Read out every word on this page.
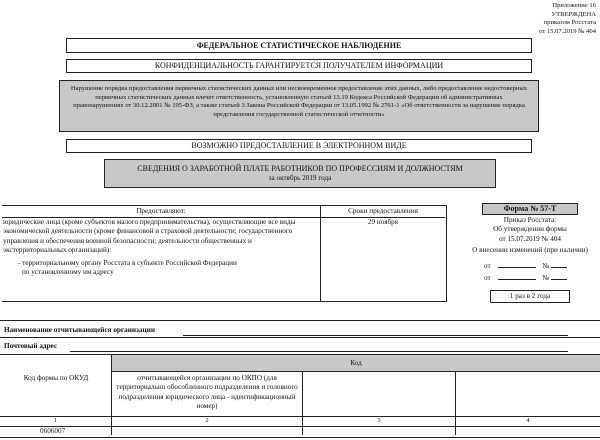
Приложение 16
УТВЕРЖДЕНА
приказом Росстата
от 15.07.2019 № 404
ФЕДЕРАЛЬНОЕ СТАТИСТИЧЕСКОЕ НАБЛЮДЕНИЕ
КОНФИДЕНЦИАЛЬНОСТЬ ГАРАНТИРУЕТСЯ ПОЛУЧАТЕЛЕМ ИНФОРМАЦИИ
Нарушение порядка предоставления первичных статистических данных или несвоевременное предоставление этих данных, либо предоставление недостоверных первичных статистических данных влечет ответственность, установленную статьей 13.19 Кодекса Российской Федерации об административных правонарушениях от 30.12.2001 № 195-ФЗ, а также статьей 3 Закона Российской Федерации от 13.05.1992 № 2761-1 «Об ответственности за нарушение порядка представления государственной статистической отчетности»
ВОЗМОЖНО ПРЕДОСТАВЛЕНИЕ В ЭЛЕКТРОННОМ ВИДЕ
СВЕДЕНИЯ О ЗАРАБОТНОЙ ПЛАТЕ РАБОТНИКОВ ПО ПРОФЕССИЯМ И ДОЛЖНОСТЯМ
за октябрь 2019 года
Предоставляют:	Сроки предоставления
юридические лица (кроме субъектов малого предпринимательства), осуществляющие все виды экономической деятельности (кроме финансовой и страховой деятельности; государственного управления и обеспечения военной безопасности; деятельности общественных и экстерриториальных организаций):
- территориальному органу Росстата в субъекте Российской Федерации
по установленному им адресу
29 ноября
Форма № 57-Т
Приказ Росстата:
Об утверждении формы
от 15.07.2019 № 404
О внесении изменений (при наличии)
от	№
от	№
1 раз в 2 года
Наименование отчитывающейся организации
Почтовый адрес
Код
Код формы по ОКУД	отчитывающейся организации по ОКПО (для территориально обособленного подразделения и головного подразделения юридического лица - идентификационный номер)
1	2	3	4
0606007
